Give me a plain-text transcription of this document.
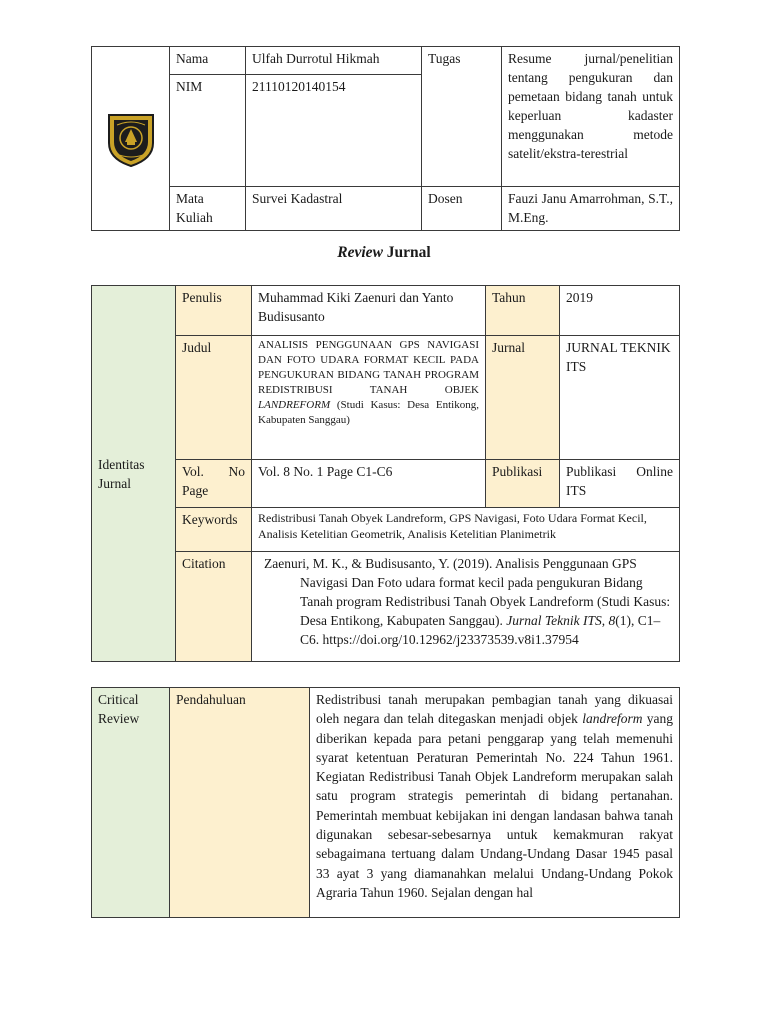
	Nama	Ulfah Durrotul Hikmah	Tugas	Resume jurnal/penelitian tentang pengukuran dan pemetaan bidang tanah untuk keperluan kadaster menggunakan metode satelit/ekstra-terestrial
	NIM	21110120140154		
	Mata Kuliah	Survei Kadastral	Dosen	Fauzi Janu Amarrohman, S.T., M.Eng.
Review Jurnal
Identitas Jurnal	Penulis	Muhammad Kiki Zaenuri dan Yanto Budisusanto	Tahun	2019
	Judul	ANALISIS PENGGUNAAN GPS NAVIGASI DAN FOTO UDARA FORMAT KECIL PADA PENGUKURAN BIDANG TANAH PROGRAM REDISTRIBUSI TANAH OBJEK LANDREFORM (Studi Kasus: Desa Entikong, Kabupaten Sanggau)	Jurnal	JURNAL TEKNIK ITS
	Vol. No Page	Vol. 8 No. 1 Page C1-C6	Publikasi	Publikasi Online ITS
	Keywords	Redistribusi Tanah Obyek Landreform, GPS Navigasi, Foto Udara Format Kecil, Analisis Ketelitian Geometrik, Analisis Ketelitian Planimetrik		
	Citation	Zaenuri, M. K., & Budisusanto, Y. (2019). Analisis Penggunaan GPS Navigasi Dan Foto udara format kecil pada pengukuran Bidang Tanah program Redistribusi Tanah Obyek Landreform (Studi Kasus: Desa Entikong, Kabupaten Sanggau). Jurnal Teknik ITS, 8(1), C1–C6. https://doi.org/10.12962/j23373539.v8i1.37954		
Critical Review	Pendahuluan	Redistribusi tanah merupakan pembagian tanah yang dikuasai oleh negara dan telah ditegaskan menjadi objek landreform yang diberikan kepada para petani penggarap yang telah memenuhi syarat ketentuan Peraturan Pemerintah No. 224 Tahun 1961. Kegiatan Redistribusi Tanah Objek Landreform merupakan salah satu program strategis pemerintah di bidang pertanahan. Pemerintah membuat kebijakan ini dengan landasan bahwa tanah digunakan sebesar-sebesarnya untuk kemakmuran rakyat sebagaimana tertuang dalam Undang-Undang Dasar 1945 pasal 33 ayat 3 yang diamanahkan melalui Undang-Undang Pokok Agraria Tahun 1960. Sejalan dengan hal
